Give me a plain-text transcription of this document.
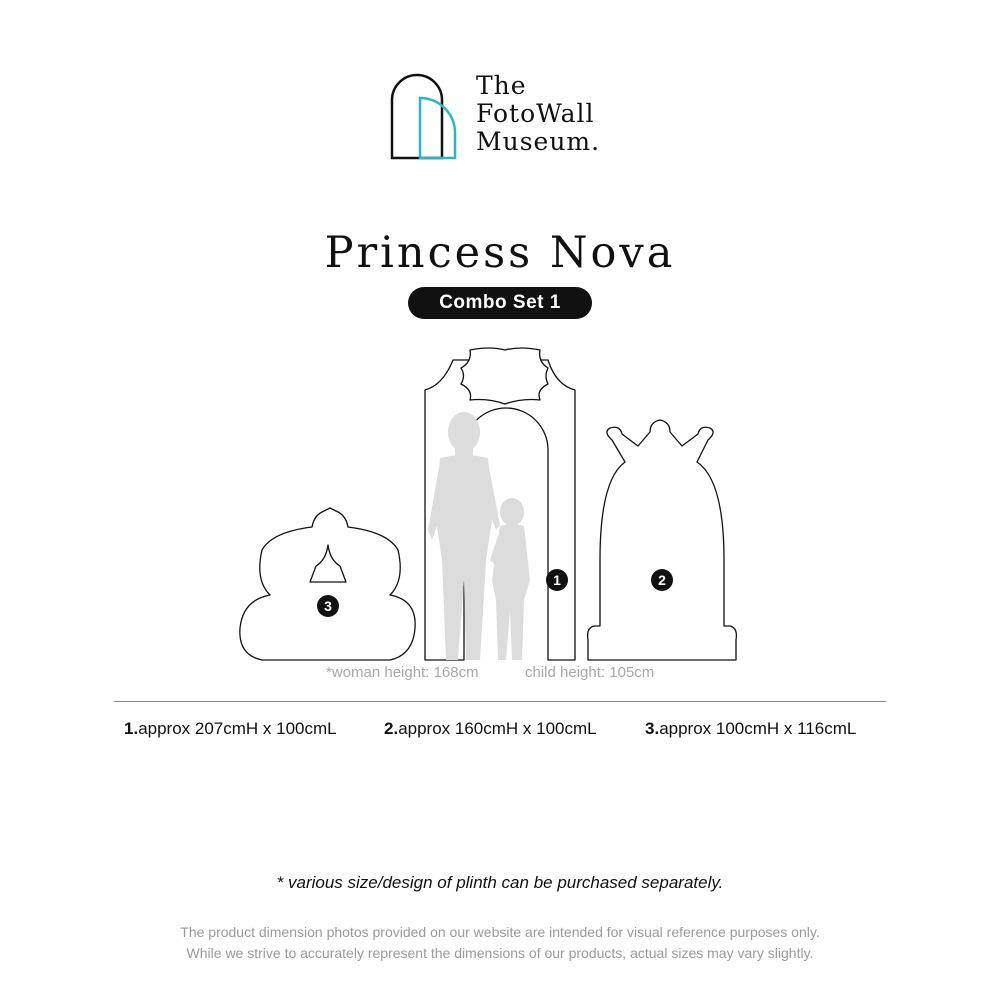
The
FotoWall
Museum.
Princess Nova
Combo Set 1
1	2
3
*woman height: 168cm	child height: 105cm
1.approx 207cmH x 100cmL	2.approx 160cmH x 100cmL	3.approx 100cmH x 116cmL
* various size/design of plinth can be purchased separately.
The product dimension photos provided on our website are intended for visual reference purposes only.
While we strive to accurately represent the dimensions of our products, actual sizes may vary slightly.
